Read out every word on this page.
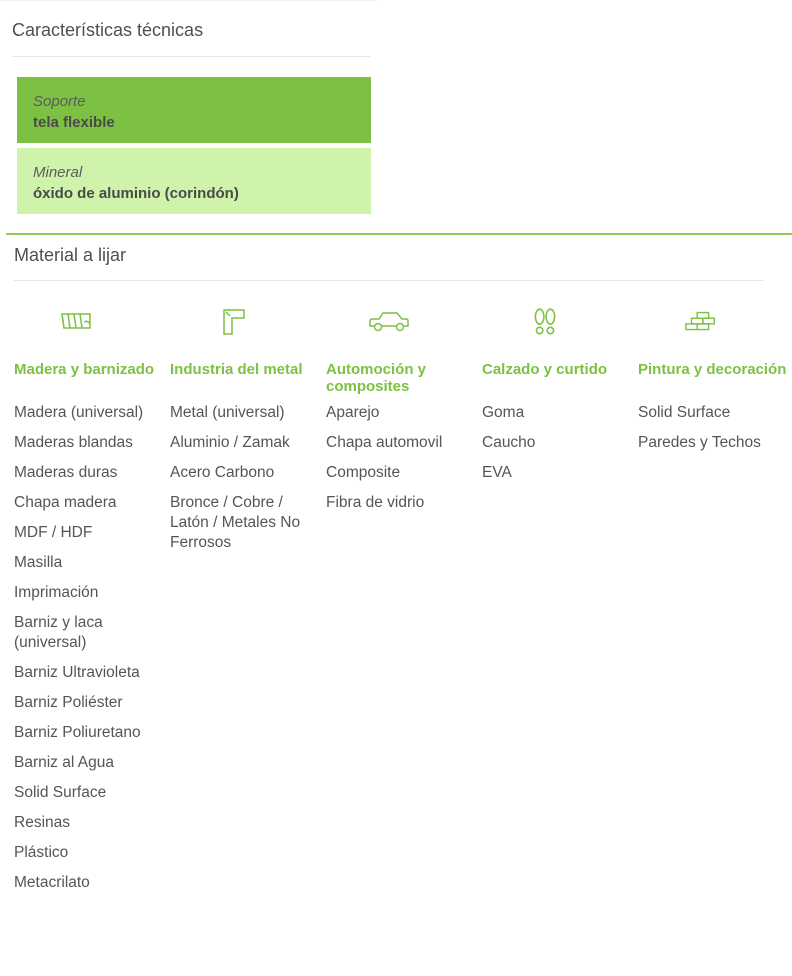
Características técnicas
Soporte
tela flexible
Mineral
óxido de aluminio (corindón)
Material a lijar
Madera y barnizado
Madera (universal)
Maderas blandas
Maderas duras
Chapa madera
MDF / HDF
Masilla
Imprimación
Barniz y laca (universal)
Barniz Ultravioleta
Barniz Poliéster
Barniz Poliuretano
Barniz al Agua
Solid Surface
Resinas
Plástico
Metacrilato
Industria del metal
Metal (universal)
Aluminio / Zamak
Acero Carbono
Bronce / Cobre / Latón / Metales No Ferrosos
Automoción y composites
Aparejo
Chapa automovil
Composite
Fibra de vidrio
Calzado y curtido
Goma
Caucho
EVA
Pintura y decoración
Solid Surface
Paredes y Techos
